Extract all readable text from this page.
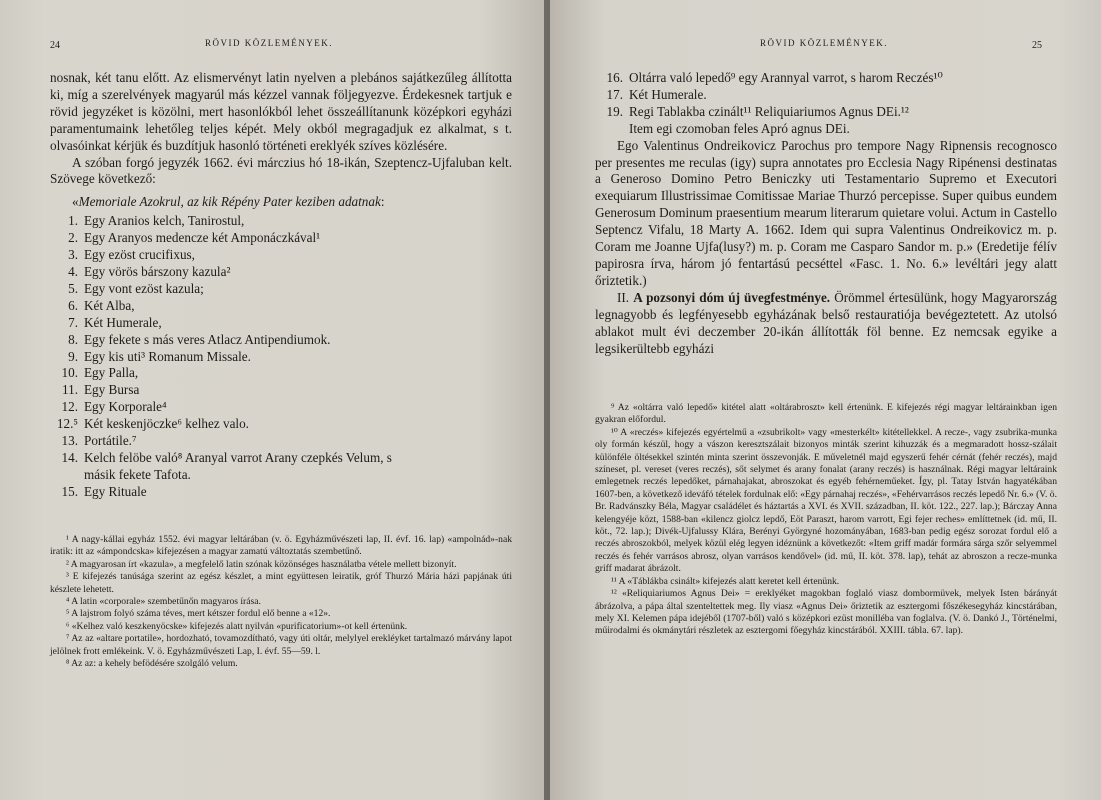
24	RÖVID KÖZLEMÉNYEK.

nosnak, két tanu előtt. Az elismervényt latin nyelven a plebános sajátkezűleg állította ki, míg a szerelvények magyarúl más kézzel vannak följegyezve. Érdekesnek tartjuk e rövid jegyzéket is közölni, mert hasonlókból lehet összeállítanunk középkori egyházi paramentumaink lehetőleg teljes képét. Mely okból megragadjuk ez alkalmat, s t. olvasóinkat kérjük és buzdítjuk hasonló történeti ereklyék szíves közlésére.

A szóban forgó jegyzék 1662. évi márczius hó 18-ikán, Szeptencz-Ujfaluban kelt. Szövege következő:

«Memoriale Azokrul, az kik Répény Pater keziben adatnak:

1. Egy Aranios kelch, Tanirostul,
2. Egy Aranyos medencze két Amponáczkával¹
3. Egy ezöst crucifixus,
4. Egy vörös bárszony kazula²
5. Egy vont ezöst kazula;
6. Két Alba,
7. Két Humerale,
8. Egy fekete s más veres Atlacz Antipendiumok.
9. Egy kis uti³ Romanum Missale.
10. Egy Palla,
11. Egy Bursa
12. Egy Korporale⁴
12.⁵ Két keskenjöczke⁶ kelhez valo.
13. Portátile.⁷
14. Kelch felöbe való⁸ Aranyal varrot Arany czepkés Velum, s
másik fekete Tafota.
15. Egy Rituale

¹ A nagy-kállai egyház 1552. évi magyar leltárában (v. ö. Egyházművészeti lap, II. évf. 16. lap) «ampolnád»-nak iratik: itt az «ámpondcska» kifejezésen a magyar zamatú változtatás szembetűnő.

² A magyarosan írt «kazula», a megfelelő latin szónak közönséges használatba vétele mellett bizonyít.

³ E kifejezés tanúsága szerint az egész készlet, a mint együttesen leiratik, gróf Thurzó Mária házi papjának úti készlete lehetett.

⁴ A latin «corporale» szembetűnőn magyaros írása.

⁵ A lajstrom folyó száma téves, mert kétszer fordul elő benne a «12».

⁶ «Kelhez való keszkenyöcske» kifejezés alatt nyilván «purificatorium»-ot kell értenünk.

⁷ Az az «altare portatile», hordozható, tovamozdítható, vagy úti oltár, melylyel erekléyket tartalmazó márvány lapot jelölnek frott emlékeink. V. ö. Egyházművészeti Lap, I. évf. 55—59. l.

⁸ Az az: a kehely befödésére szolgáló velum.

RÖVID KÖZLEMÉNYEK.	25
16. Oltárra való lepedő⁹ egy Arannyal varrot, s harom Reczés¹⁰
17. Két Humerale.
19. Regi Tablakba czinált¹¹ Reliquiariumos Agnus DEi.¹²

Item egi czomoban feles Apró agnus DEi.

Ego Valentinus Ondreikovicz Parochus pro tempore Nagy Ripnensis recognosco per presentes me reculas (igy) supra annotates pro Ecclesia Nagy Ripénensi destinatas a Generoso Domino Petro Beniczky uti Testamentario Supremo et Executori exequiarum Illustrissimae Comitissae Mariae Thurzó percepisse. Super quibus eundem Generosum Dominum praesentium mearum literarum quietare volui. Actum in Castello Septencz Vifalu, 18 Marty A. 1662. Idem qui supra Valentinus Ondreikovicz m. p. Coram me Joanne Ujfa(lusy?) m. p. Coram me Casparo Sandor m. p.» (Eredetije félív papirosra írva, három jó fentartású pecséttel «Fasc. 1. No. 6.» levéltári jegy alatt őriztetik.)

II. A pozsonyi dóm új üvegfestménye. Örömmel értesülünk, hogy Magyarország legnagyobb és legfényesebb egyházának belső restauratiója bevégeztetett. Az utolsó ablakot mult évi deczember 20-ikán állították föl benne. Ez nemcsak egyike a legsikerültebb egyházi

⁹ Az «oltárra való lepedő» kitétel alatt «oltárabroszt» kell értenünk. E kifejezés régi magyar leltárainkban igen gyakran előfordul.

¹⁰ A «reczés» kifejezés egyértelmű a «zsubrikolt» vagy «mesterkélt» kitétellekkel. A recze-, vagy zsubrika-munka oly formán készül, hogy a vászon keresztszálait bizonyos minták szerint kihuzzák és a megmaradott hossz-szálait különféle öltésekkel szintén minta szerint összevonják. E műveletnél majd egyszerű fehér cérnát (fehér reczés), majd színeset, pl. vereset (veres reczés), sőt selymet és arany fonalat (arany reczés) is használnak. Régi magyar leltáraink emlegetnek reczés lepedőket, párnahajakat, abroszokat és egyéb fehérneműeket. Így, pl. Tatay István hagyatékában 1607-ben, a következő ideváfó tételek fordulnak elő: «Egy párnahaj reczés», «Fehérvarrásos reczés lepedő Nr. 6.» (V. ö. Br. Radvánszky Béla, Magyar családélet és háztartás a XVI. és XVII. században, II. köt. 122., 227. lap.); Bárczay Anna kelengyéje közt, 1588-ban «kilencz giolcz lepdő, Eöt Paraszt, harom varrott, Egi fejer reches» említtetnek (id. mű, II. köt., 72. lap.); Divék-Ujfalussy Klára, Berényi Györgyné hozományában, 1683-ban pedig egész sorozat fordul elő a reczés abroszokból, melyek közül elég legyen idéznünk a következőt: «Item griff madár formára sárga szőr selyemmel reczés és fehér varrásos abrosz, olyan varrásos kendővel» (id. mű, II. köt. 378. lap), tehát az abroszon a recze-munka griff madarat ábrázolt.

¹¹ A «Táblákba csinált» kifejezés alatt keretet kell értenünk.

¹² «Reliquiariumos Agnus Dei» = ereklyéket magokban foglaló viasz dombormüvek, melyek Isten bárányát ábrázolva, a pápa által szenteltettek meg. Ily viasz «Agnus Dei» őriztetik az esztergomi főszékesegyház kincstárában, mely XI. Kelemen pápa idejéből (1707-ből) való s középkori ezüst monilléba van foglalva. (V. ö. Dankó J., Történelmi, műirodalmi és okmánytári részletek az esztergomi főegyház kincstárából. XXIII. tábla. 67. lap).
